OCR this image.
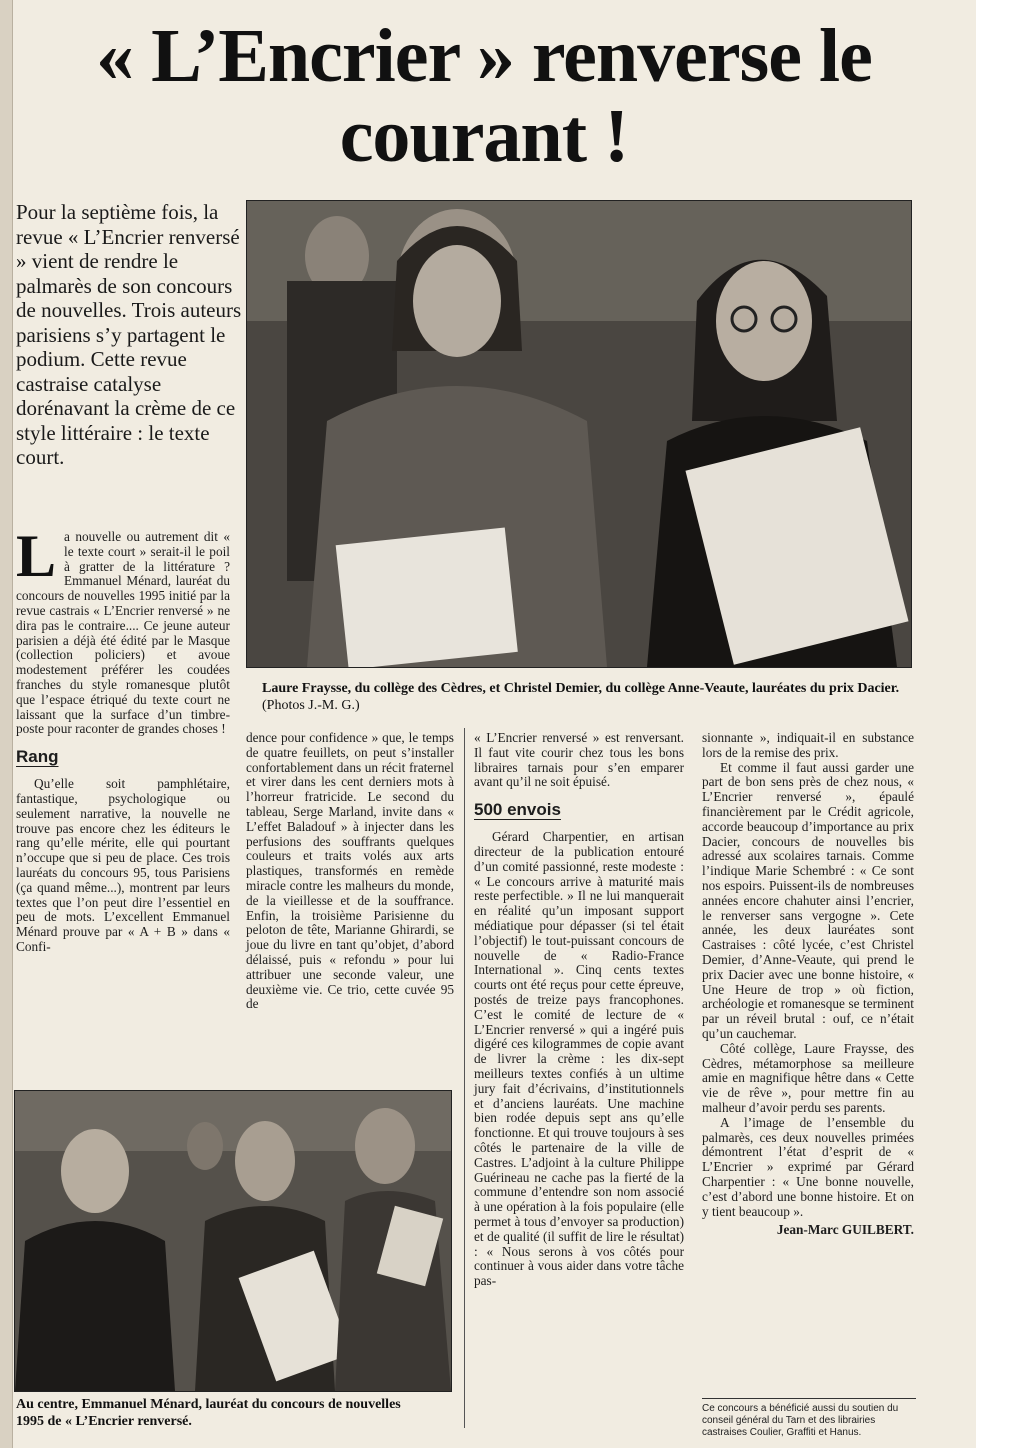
« L’Encrier » renverse le courant !
Pour la septième fois, la revue « L’Encrier renversé » vient de rendre le palmarès de son concours de nouvelles. Trois auteurs parisiens s’y partagent le podium. Cette revue castraise catalyse dorénavant la crème de ce style littéraire : le texte court.
Laure Fraysse, du collège des Cèdres, et Christel Demier, du collège Anne-Veaute, lauréates du prix Dacier.(Photos J.-M. G.)

La nouvelle ou autrement dit « le texte court » serait-il le poil à gratter de la littérature ? Emmanuel Ménard, lauréat du concours de nouvelles 1995 initié par la revue castrais « L’Encrier renversé » ne dira pas le contraire.... Ce jeune auteur parisien a déjà été édité par le Masque (collection policiers) et avoue modestement préférer les coudées franches du style romanesque plutôt que l’espace étriqué du texte court ne laissant que la surface d’un timbre-poste pour raconter de grandes choses !

Rang

Qu’elle soit pamphlétaire, fantastique, psychologique ou seulement narrative, la nouvelle ne trouve pas encore chez les éditeurs le rang qu’elle mérite, elle qui pourtant n’occupe que si peu de place. Ces trois lauréats du concours 95, tous Parisiens (ça quand même...), montrent par leurs textes que l’on peut dire l’essentiel en peu de mots. L’excellent Emmanuel Ménard prouve par « A + B » dans « Confi-

Au centre, Emmanuel Ménard, lauréat du concours de nouvelles 1995 de « L’Encrier renversé.

dence pour confidence » que, le temps de quatre feuillets, on peut s’installer confortablement dans un récit fraternel et virer dans les cent derniers mots à l’horreur fratricide. Le second du tableau, Serge Marland, invite dans « L’effet Baladouf » à injecter dans les perfusions des souffrants quelques couleurs et traits volés aux arts plastiques, transformés en remède miracle contre les malheurs du monde, de la vieillesse et de la souffrance. Enfin, la troisième Parisienne du peloton de tête, Marianne Ghirardi, se joue du livre en tant qu’objet, d’abord délaissé, puis « refondu » pour lui attribuer une seconde valeur, une deuxième vie. Ce trio, cette cuvée 95 de

« L’Encrier renversé » est renversant. Il faut vite courir chez tous les bons libraires tarnais pour s’en emparer avant qu’il ne soit épuisé.

500 envois

Gérard Charpentier, en artisan directeur de la publication entouré d’un comité passionné, reste modeste : « Le concours arrive à maturité mais reste perfectible. » Il ne lui manquerait en réalité qu’un imposant support médiatique pour dépasser (si tel était l’objectif) le tout-puissant concours de nouvelle de « Radio-France International ». Cinq cents textes courts ont été reçus pour cette épreuve, postés de treize pays francophones. C’est le comité de lecture de « L’Encrier renversé » qui a ingéré puis digéré ces kilogrammes de copie avant de livrer la crème : les dix-sept meilleurs textes confiés à un ultime jury fait d’écrivains, d’institutionnels et d’anciens lauréats. Une machine bien rodée depuis sept ans qu’elle fonctionne. Et qui trouve toujours à ses côtés le partenaire de la ville de Castres. L’adjoint à la culture Philippe Guérineau ne cache pas la fierté de la commune d’entendre son nom associé à une opération à la fois populaire (elle permet à tous d’envoyer sa production) et de qualité (il suffit de lire le résultat) : « Nous serons à vos côtés pour continuer à vous aider dans votre tâche pas-

sionnante », indiquait-il en substance lors de la remise des prix.

Et comme il faut aussi garder une part de bon sens près de chez nous, « L’Encrier renversé », épaulé financièrement par le Crédit agricole, accorde beaucoup d’importance au prix Dacier, concours de nouvelles bis adressé aux scolaires tarnais. Comme l’indique Marie Schembré : « Ce sont nos espoirs. Puissent-ils de nombreuses années encore chahuter ainsi l’encrier, le renverser sans vergogne ». Cete année, les deux lauréates sont Castraises : côté lycée, c’est Christel Demier, d’Anne-Veaute, qui prend le prix Dacier avec une bonne histoire, « Une Heure de trop » où fiction, archéologie et romanesque se terminent par un réveil brutal : ouf, ce n’était qu’un cauchemar.

Côté collège, Laure Fraysse, des Cèdres, métamorphose sa meilleure amie en magnifique hêtre dans « Cette vie de rêve », pour mettre fin au malheur d’avoir perdu ses parents.

A l’image de l’ensemble du palmarès, ces deux nouvelles primées démontrent l’état d’esprit de « L’Encrier » exprimé par Gérard Charpentier : « Une bonne nouvelle, c’est d’abord une bonne histoire. Et on y tient beaucoup ».

Jean-Marc GUILBERT.

Ce concours a bénéficié aussi du soutien du conseil général du Tarn et des librairies castraises Coulier, Graffiti et Hanus.
